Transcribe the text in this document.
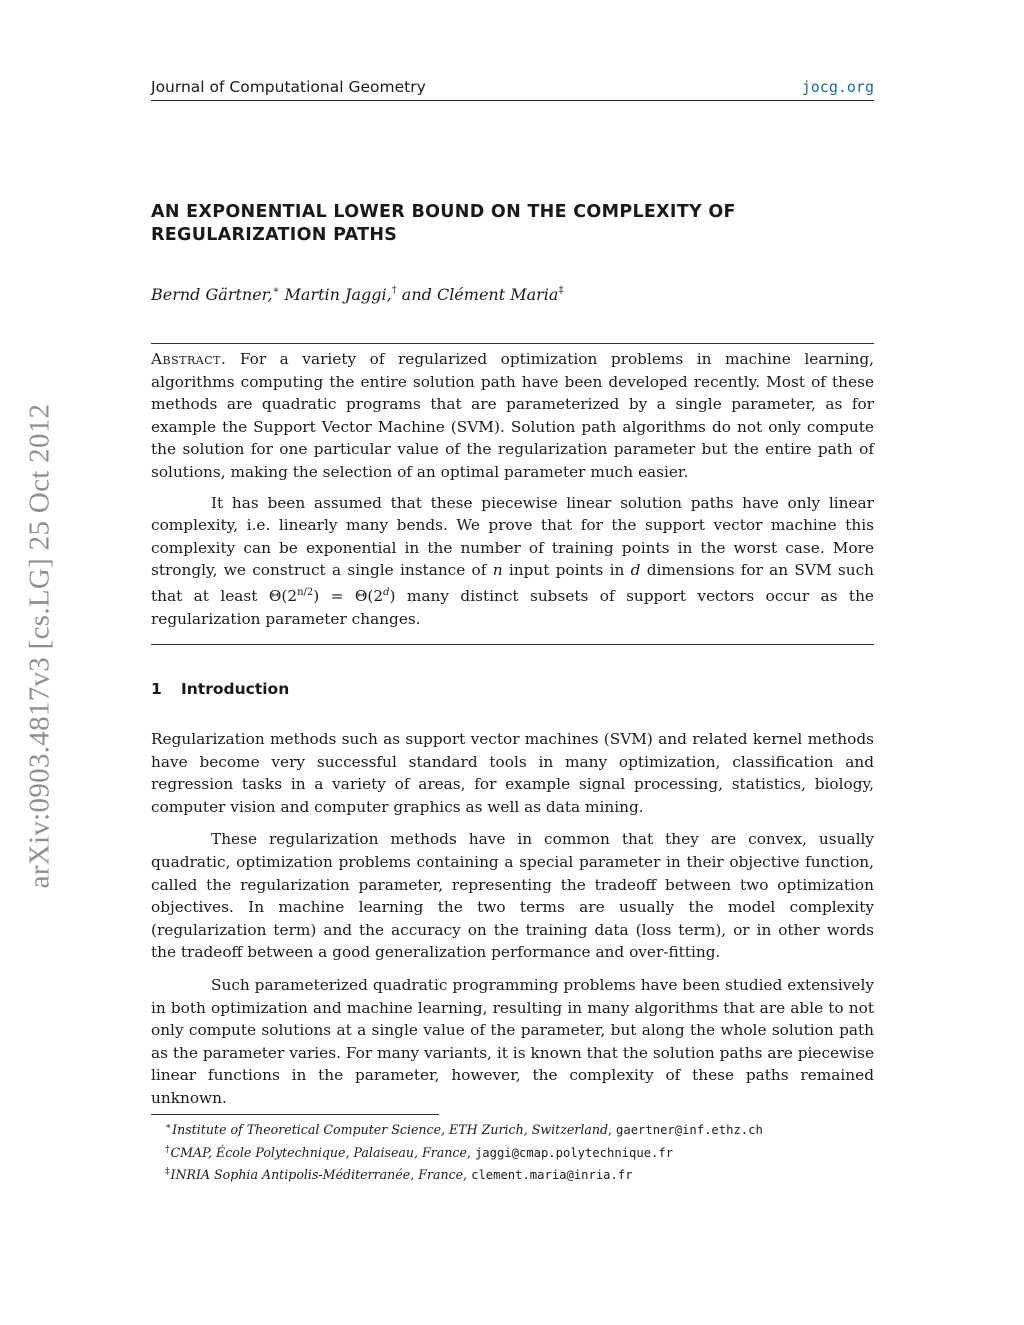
Journal of Computational Geometry	jocg.org
arXiv:0903.4817v3 [cs.LG] 25 Oct 2012
AN EXPONENTIAL LOWER BOUND ON THE COMPLEXITY OF REGULARIZATION PATHS
Bernd Gärtner,∗ Martin Jaggi,† and Clément Maria‡

Abstract. For a variety of regularized optimization problems in machine learning, algorithms computing the entire solution path have been developed recently. Most of these methods are quadratic programs that are parameterized by a single parameter, as for example the Support Vector Machine (SVM). Solution path algorithms do not only compute the solution for one particular value of the regularization parameter but the entire path of solutions, making the selection of an optimal parameter much easier.

It has been assumed that these piecewise linear solution paths have only linear complexity, i.e. linearly many bends. We prove that for the support vector machine this complexity can be exponential in the number of training points in the worst case. More strongly, we construct a single instance of n input points in d dimensions for an SVM such that at least $\Theta(2^{n/2}) = \Theta(2^d)$ many distinct subsets of support vectors occur as the regularization parameter changes.

1 Introduction

Regularization methods such as support vector machines (SVM) and related kernel methods have become very successful standard tools in many optimization, classification and regression tasks in a variety of areas, for example signal processing, statistics, biology, computer vision and computer graphics as well as data mining.

These regularization methods have in common that they are convex, usually quadratic, optimization problems containing a special parameter in their objective function, called the regularization parameter, representing the tradeoff between two optimization objectives. In machine learning the two terms are usually the model complexity (regularization term) and the accuracy on the training data (loss term), or in other words the tradeoff between a good generalization performance and over-fitting.

Such parameterized quadratic programming problems have been studied extensively in both optimization and machine learning, resulting in many algorithms that are able to not only compute solutions at a single value of the parameter, but along the whole solution path as the parameter varies. For many variants, it is known that the solution paths are piecewise linear functions in the parameter, however, the complexity of these paths remained unknown.

∗Institute of Theoretical Computer Science, ETH Zurich, Switzerland, gaertner@inf.ethz.ch
†CMAP, École Polytechnique, Palaiseau, France, jaggi@cmap.polytechnique.fr
‡INRIA Sophia Antipolis-Méditerranée, France, clement.maria@inria.fr
